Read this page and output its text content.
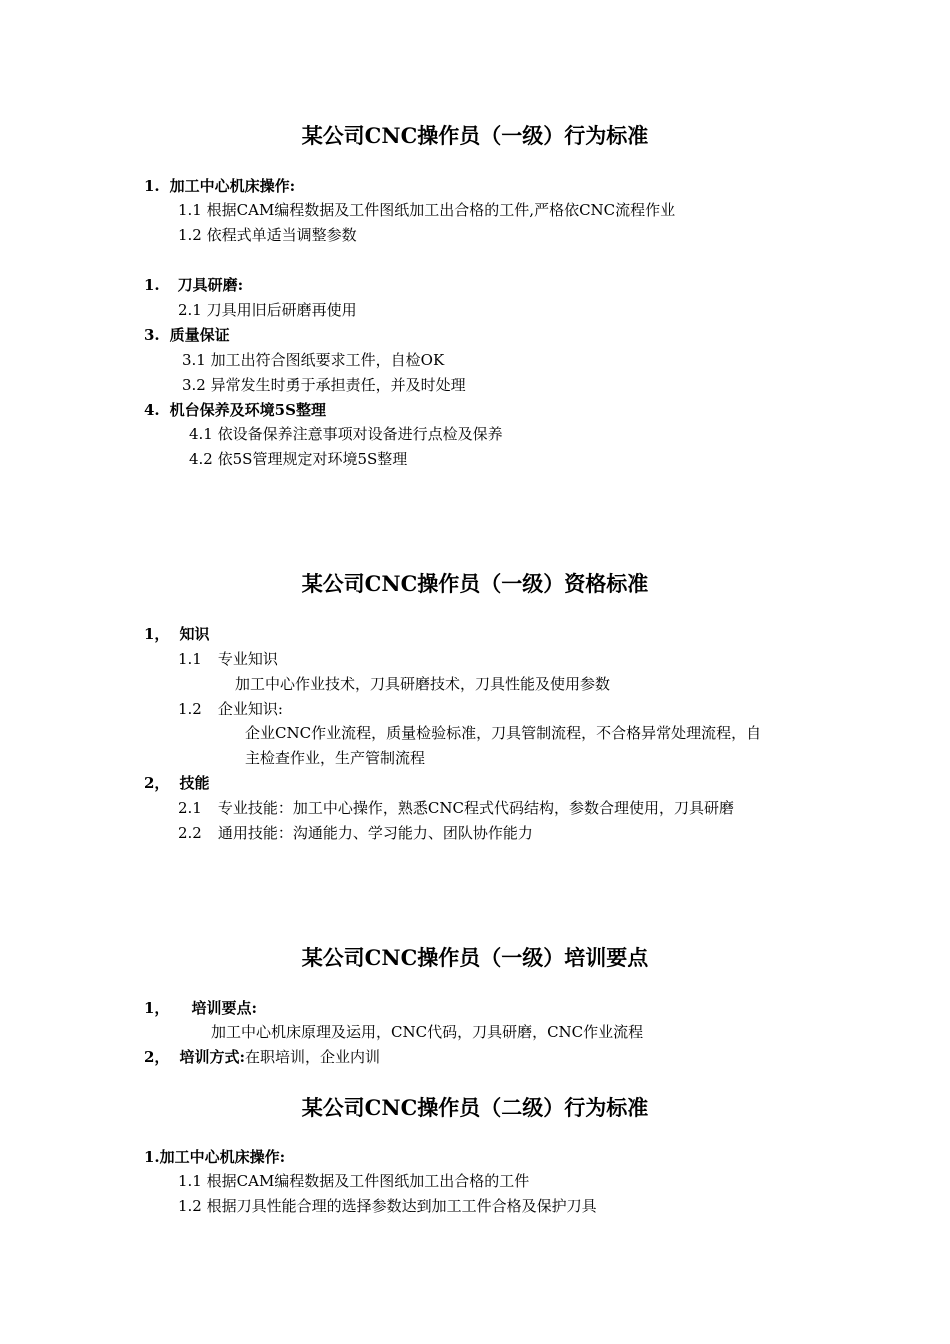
某公司CNC操作员（一级）行为标准
1. 加工中心机床操作:
1.1 根据CAM编程数据及工件图纸加工出合格的工件,严格依CNC流程作业
1.2 依程式单适当调整参数
1. 刀具研磨:
2.1 刀具用旧后研磨再使用
3. 质量保证
3.1 加工出符合图纸要求工件，自检OK
3.2 异常发生时勇于承担责任，并及时处理
4. 机台保养及环境5S整理
4.1 依设备保养注意事项对设备进行点检及保养
4.2 依5S管理规定对环境5S整理
某公司CNC操作员（一级）资格标准
1， 知识
1.1 专业知识
加工中心作业技术，刀具研磨技术，刀具性能及使用参数
1.2 企业知识:
企业CNC作业流程，质量检验标准，刀具管制流程，不合格异常处理流程，自
主检查作业，生产管制流程
2， 技能
2.1 专业技能：加工中心操作，熟悉CNC程式代码结构，参数合理使用，刀具研磨
2.2 通用技能：沟通能力、学习能力、团队协作能力
某公司CNC操作员（一级）培训要点
1， 培训要点:
加工中心机床原理及运用，CNC代码，刀具研磨，CNC作业流程
2， 培训方式:在职培训，企业内训
某公司CNC操作员（二级）行为标准
1.加工中心机床操作:
1.1 根据CAM编程数据及工件图纸加工出合格的工件
1.2 根据刀具性能合理的选择参数达到加工工件合格及保护刀具
